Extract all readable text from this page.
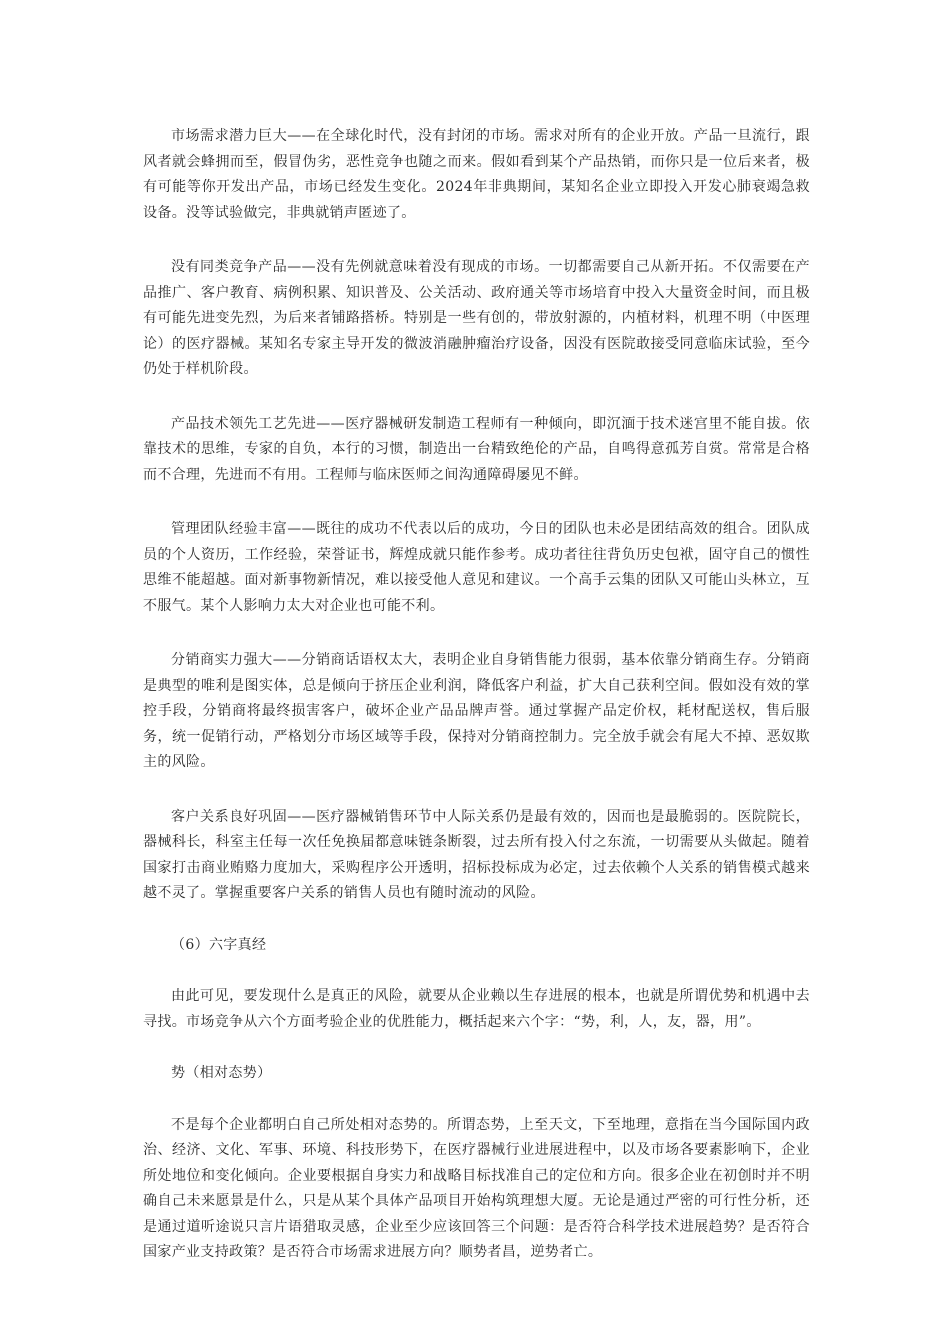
市场需求潜力巨大——在全球化时代，没有封闭的市场。需求对所有的企业开放。产品一旦流行，跟风者就会蜂拥而至，假冒伪劣，恶性竞争也随之而来。假如看到某个产品热销，而你只是一位后来者，极有可能等你开发出产品，市场已经发生变化。2024年非典期间，某知名企业立即投入开发心肺衰竭急救设备。没等试验做完，非典就销声匿迹了。

没有同类竞争产品——没有先例就意味着没有现成的市场。一切都需要自己从新开拓。不仅需要在产品推广、客户教育、病例积累、知识普及、公关活动、政府通关等市场培育中投入大量资金时间，而且极有可能先进变先烈，为后来者铺路搭桥。特别是一些有创的，带放射源的，内植材料，机理不明（中医理论）的医疗器械。某知名专家主导开发的微波消融肿瘤治疗设备，因没有医院敢接受同意临床试验，至今仍处于样机阶段。

产品技术领先工艺先进——医疗器械研发制造工程师有一种倾向，即沉湎于技术迷宫里不能自拔。依靠技术的思维，专家的自负，本行的习惯，制造出一台精致绝伦的产品，自鸣得意孤芳自赏。常常是合格而不合理，先进而不有用。工程师与临床医师之间沟通障碍屡见不鲜。

管理团队经验丰富——既往的成功不代表以后的成功，今日的团队也未必是团结高效的组合。团队成员的个人资历，工作经验，荣誉证书，辉煌成就只能作参考。成功者往往背负历史包袱，固守自己的惯性思维不能超越。面对新事物新情况，难以接受他人意见和建议。一个高手云集的团队又可能山头林立，互不服气。某个人影响力太大对企业也可能不利。

分销商实力强大——分销商话语权太大，表明企业自身销售能力很弱，基本依靠分销商生存。分销商是典型的唯利是图实体，总是倾向于挤压企业利润，降低客户利益，扩大自己获利空间。假如没有效的掌控手段，分销商将最终损害客户，破坏企业产品品牌声誉。通过掌握产品定价权，耗材配送权，售后服务，统一促销行动，严格划分市场区域等手段，保持对分销商控制力。完全放手就会有尾大不掉、恶奴欺主的风险。

客户关系良好巩固——医疗器械销售环节中人际关系仍是最有效的，因而也是最脆弱的。医院院长，器械科长，科室主任每一次任免换届都意味链条断裂，过去所有投入付之东流，一切需要从头做起。随着国家打击商业贿赂力度加大，采购程序公开透明，招标投标成为必定，过去依赖个人关系的销售模式越来越不灵了。掌握重要客户关系的销售人员也有随时流动的风险。

（6）六字真经

由此可见，要发现什么是真正的风险，就要从企业赖以生存进展的根本，也就是所谓优势和机遇中去寻找。市场竞争从六个方面考验企业的优胜能力，概括起来六个字：“势，利，人，友，器，用”。

势（相对态势）

不是每个企业都明白自己所处相对态势的。所谓态势，上至天文，下至地理，意指在当今国际国内政治、经济、文化、军事、环境、科技形势下，在医疗器械行业进展进程中，以及市场各要素影响下，企业所处地位和变化倾向。企业要根据自身实力和战略目标找准自己的定位和方向。很多企业在初创时并不明确自己未来愿景是什么，只是从某个具体产品项目开始构筑理想大厦。无论是通过严密的可行性分析，还是通过道听途说只言片语猎取灵感，企业至少应该回答三个问题：是否符合科学技术进展趋势？是否符合国家产业支持政策？是否符合市场需求进展方向？顺势者昌，逆势者亡。
